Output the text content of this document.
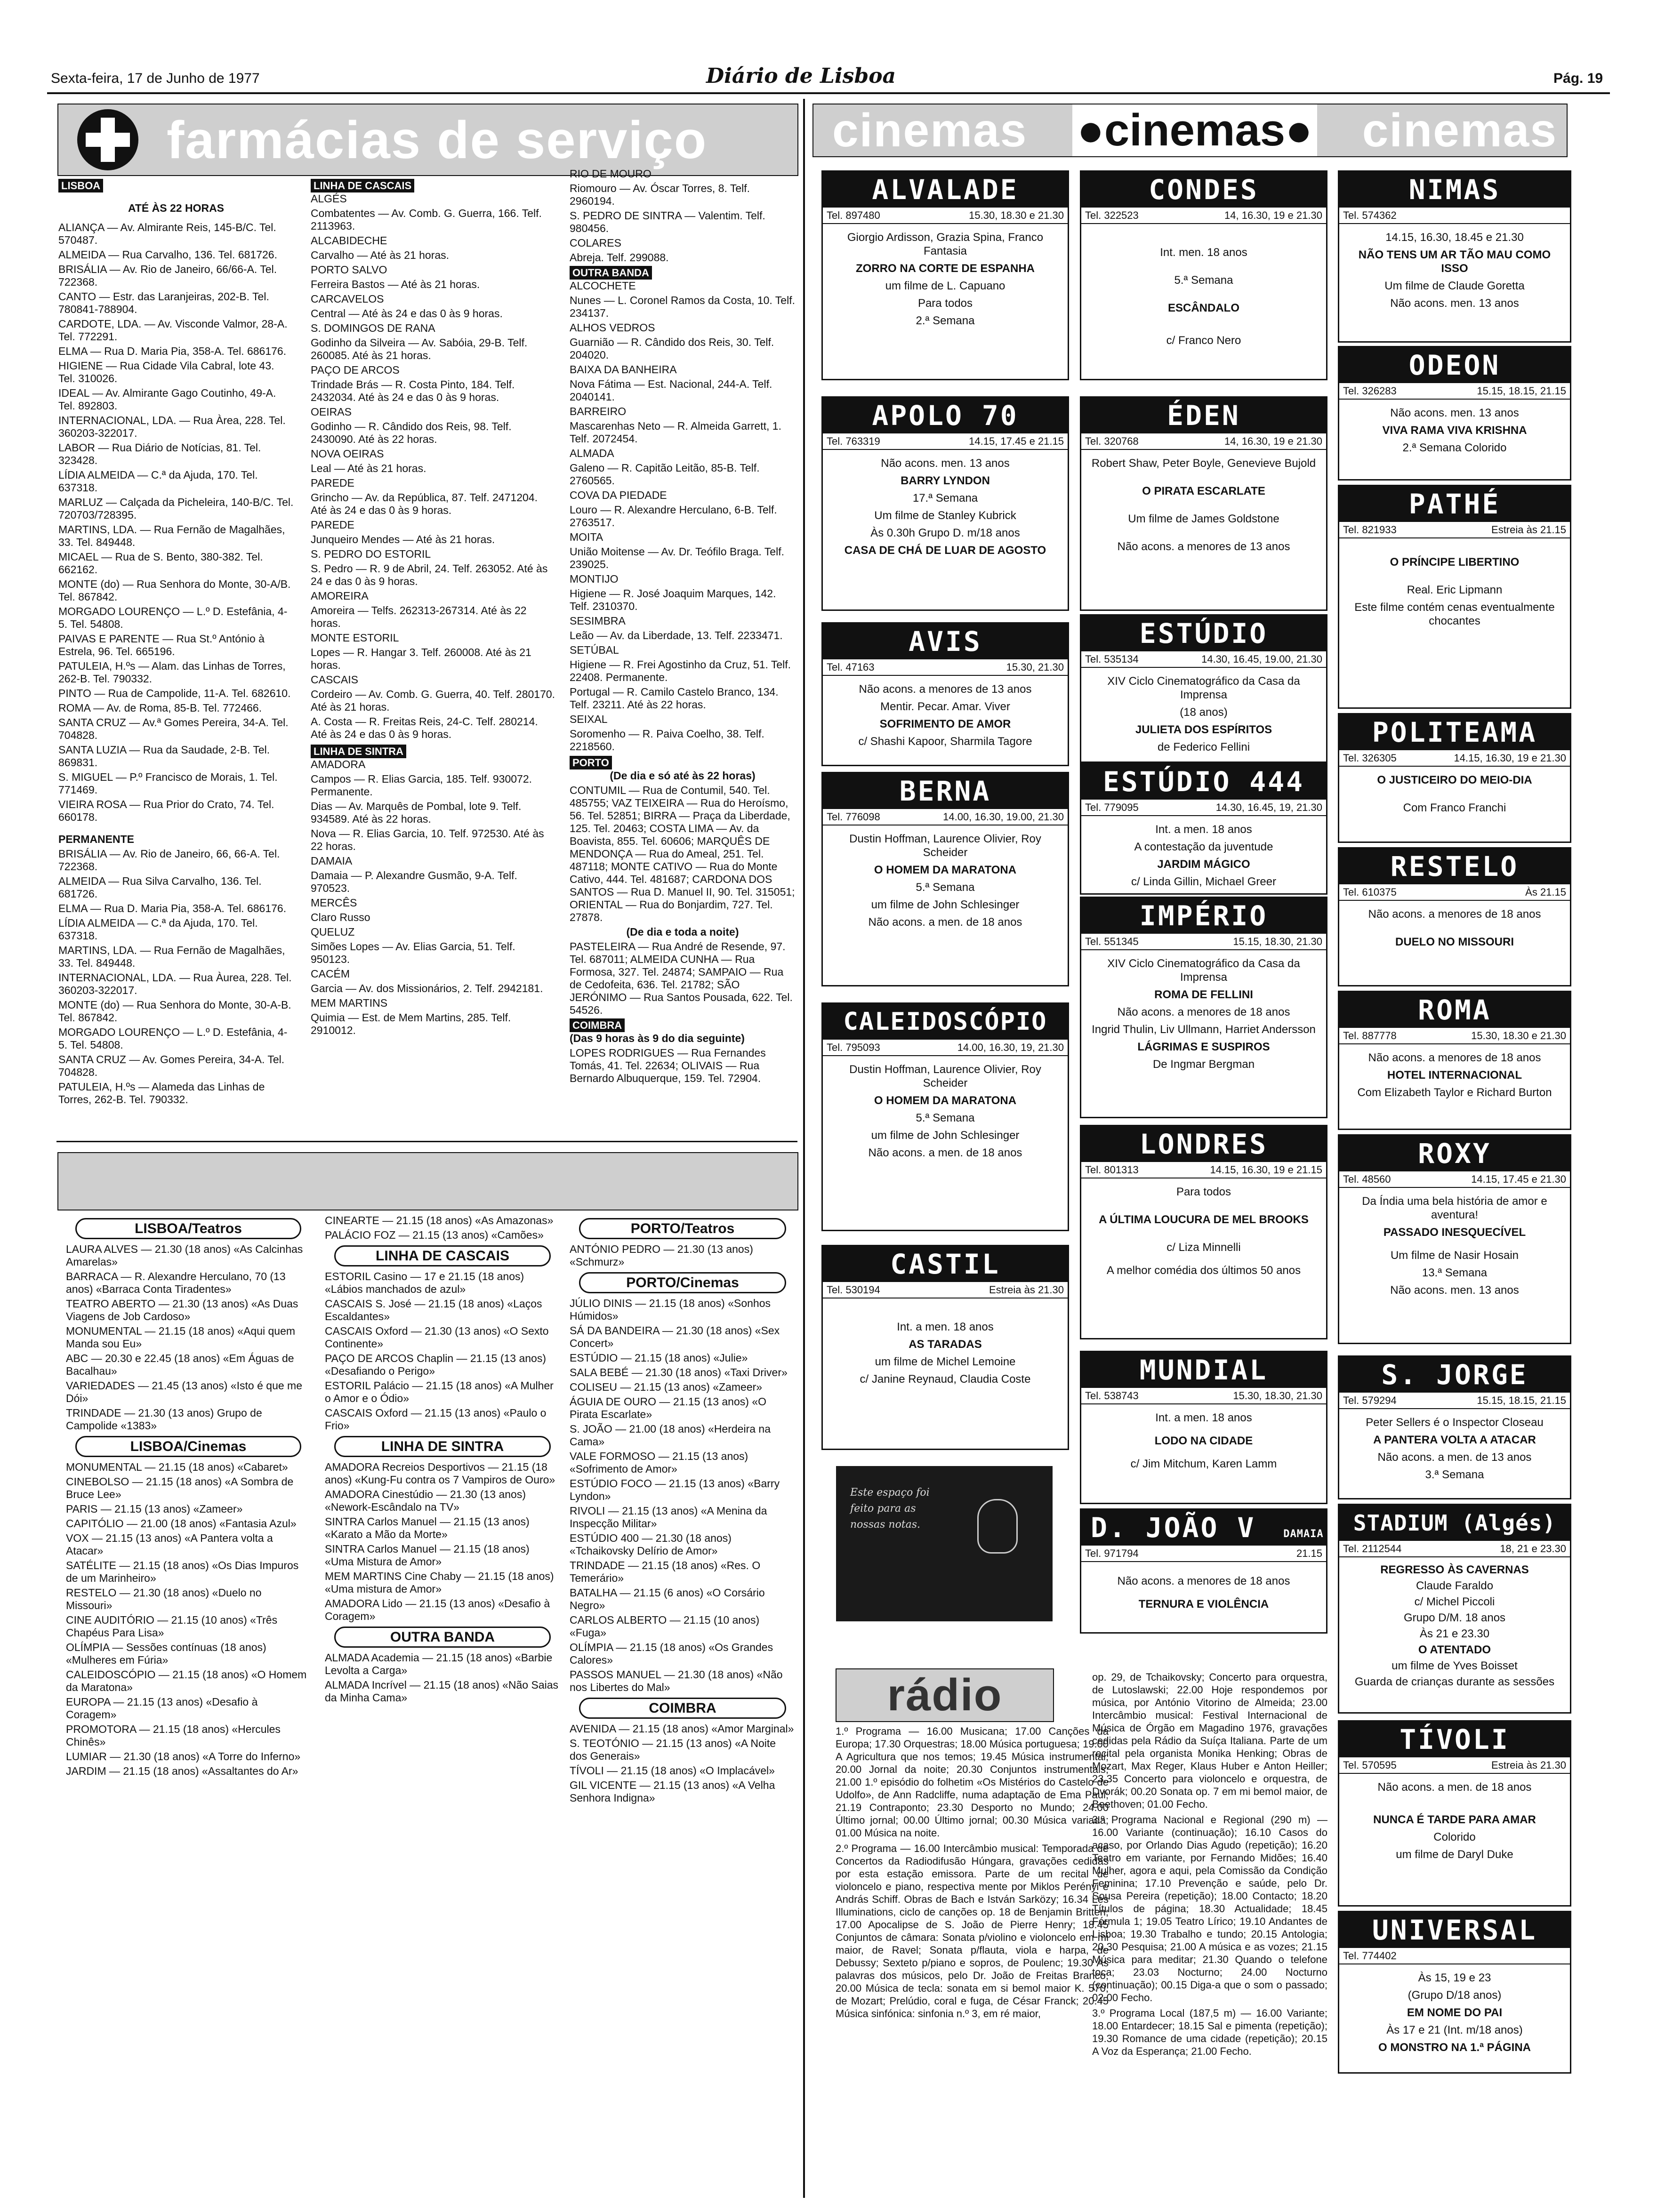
Sexta-feira, 17 de Junho de 1977	Diário de Lisboa	Pág. 19
farmácias de serviço
LISBOA

ATÉ ÀS 22 HORAS

ALIANÇA — Av. Almirante Reis, 145-B/C. Tel. 570487.

ALMEIDA — Rua Carvalho, 136. Tel. 681726.

BRISÁLIA — Av. Rio de Janeiro, 66/66-A. Tel. 722368.

CANTO — Estr. das Laranjeiras, 202-B. Tel. 780841-788904.

CARDOTE, LDA. — Av. Visconde Valmor, 28-A. Tel. 772291.

ELMA — Rua D. Maria Pia, 358-A. Tel. 686176.

HIGIENE — Rua Cidade Vila Cabral, lote 43. Tel. 310026.

IDEAL — Av. Almirante Gago Coutinho, 49-A. Tel. 892803.

INTERNACIONAL, LDA. — Rua Àrea, 228. Tel. 360203-322017.

LABOR — Rua Diário de Notícias, 81. Tel. 323428.

LÍDIA ALMEIDA — C.ª da Ajuda, 170. Tel. 637318.

MARLUZ — Calçada da Picheleira, 140-B/C. Tel. 720703/728395.

MARTINS, LDA. — Rua Fernão de Magalhães, 33. Tel. 849448.

MICAEL — Rua de S. Bento, 380-382. Tel. 662162.

MONTE (do) — Rua Senhora do Monte, 30-A/B. Tel. 867842.

MORGADO LOURENÇO — L.º D. Estefânia, 4-5. Tel. 54808.

PAIVAS E PARENTE — Rua St.º António à Estrela, 96. Tel. 665196.

PATULEIA, H.ºs — Alam. das Linhas de Torres, 262-B. Tel. 790332.

PINTO — Rua de Campolide, 11-A. Tel. 682610.

ROMA — Av. de Roma, 85-B. Tel. 772466.

SANTA CRUZ — Av.ª Gomes Pereira, 34-A. Tel. 704828.

SANTA LUZIA — Rua da Saudade, 2-B. Tel. 869831.

S. MIGUEL — P.º Francisco de Morais, 1. Tel. 771469.

VIEIRA ROSA — Rua Prior do Crato, 74. Tel. 660178.

PERMANENTE

BRISÁLIA — Av. Rio de Janeiro, 66, 66-A. Tel. 722368.

ALMEIDA — Rua Silva Carvalho, 136. Tel. 681726.

ELMA — Rua D. Maria Pia, 358-A. Tel. 686176.

LÍDIA ALMEIDA — C.ª da Ajuda, 170. Tel. 637318.

MARTINS, LDA. — Rua Fernão de Magalhães, 33. Tel. 849448.

INTERNACIONAL, LDA. — Rua Àurea, 228. Tel. 360203-322017.

MONTE (do) — Rua Senhora do Monte, 30-A-B. Tel. 867842.

MORGADO LOURENÇO — L.º D. Estefânia, 4-5. Tel. 54808.

SANTA CRUZ — Av. Gomes Pereira, 34-A. Tel. 704828.

PATULEIA, H.ºs — Alameda das Linhas de Torres, 262-B. Tel. 790332.

LINHA DE CASCAIS

ALGÉS

Combatentes — Av. Comb. G. Guerra, 166. Telf. 2113963.

ALCABIDECHE

Carvalho — Até às 21 horas.

PORTO SALVO

Ferreira Bastos — Até às 21 horas.

CARCAVELOS

Central — Até às 24 e das 0 às 9 horas.

S. DOMINGOS DE RANA

Godinho da Silveira — Av. Sabóia, 29-B. Telf. 260085. Até às 21 horas.

PAÇO DE ARCOS

Trindade Brás — R. Costa Pinto, 184. Telf. 2432034. Até às 24 e das 0 às 9 horas.

OEIRAS

Godinho — R. Cândido dos Reis, 98. Telf. 2430090. Até às 22 horas.

NOVA OEIRAS

Leal — Até às 21 horas.

PAREDE

Grincho — Av. da República, 87. Telf. 2471204. Até às 24 e das 0 às 9 horas.

PAREDE

Junqueiro Mendes — Até às 21 horas.

S. PEDRO DO ESTORIL

S. Pedro — R. 9 de Abril, 24. Telf. 263052. Até às 24 e das 0 às 9 horas.

AMOREIRA

Amoreira — Telfs. 262313-267314. Até às 22 horas.

MONTE ESTORIL

Lopes — R. Hangar 3. Telf. 260008. Até às 21 horas.

CASCAIS

Cordeiro — Av. Comb. G. Guerra, 40. Telf. 280170. Até às 21 horas.

A. Costa — R. Freitas Reis, 24-C. Telf. 280214. Até às 24 e das 0 às 9 horas.

LINHA DE SINTRA

AMADORA

Campos — R. Elias Garcia, 185. Telf. 930072. Permanente.

Dias — Av. Marquês de Pombal, lote 9. Telf. 934589. Até às 22 horas.

Nova — R. Elias Garcia, 10. Telf. 972530. Até às 22 horas.

DAMAIA

Damaia — P. Alexandre Gusmão, 9-A. Telf. 970523.

MERCÊS

Claro Russo

QUELUZ

Simões Lopes — Av. Elias Garcia, 51. Telf. 950123.

CACÉM

Garcia — Av. dos Missionários, 2. Telf. 2942181.

MEM MARTINS

Quimia — Est. de Mem Martins, 285. Telf. 2910012.

RIO DE MOURO

Riomouro — Av. Óscar Torres, 8. Telf. 2960194.

S. PEDRO DE SINTRA — Valentim. Telf. 980456.

COLARES

Abreja. Telf. 299088.

OUTRA BANDA

ALCOCHETE

Nunes — L. Coronel Ramos da Costa, 10. Telf. 234137.

ALHOS VEDROS

Guarnião — R. Cândido dos Reis, 30. Telf. 204020.

BAIXA DA BANHEIRA

Nova Fátima — Est. Nacional, 244-A. Telf. 2040141.

BARREIRO

Mascarenhas Neto — R. Almeida Garrett, 1. Telf. 2072454.

ALMADA

Galeno — R. Capitão Leitão, 85-B. Telf. 2760565.

COVA DA PIEDADE

Louro — R. Alexandre Herculano, 6-B. Telf. 2763517.

MOITA

União Moitense — Av. Dr. Teófilo Braga. Telf. 239025.

MONTIJO

Higiene — R. José Joaquim Marques, 142. Telf. 2310370.

SESIMBRA

Leão — Av. da Liberdade, 13. Telf. 2233471.

SETÚBAL

Higiene — R. Frei Agostinho da Cruz, 51. Telf. 22408. Permanente.

Portugal — R. Camilo Castelo Branco, 134. Telf. 23211. Até às 22 horas.

SEIXAL

Soromenho — R. Paiva Coelho, 38. Telf. 2218560.

PORTO

(De dia e só até às 22 horas)

CONTUMIL — Rua de Contumil, 540. Tel. 485755; VAZ TEIXEIRA — Rua do Heroísmo, 56. Tel. 52851; BIRRA — Praça da Liberdade, 125. Tel. 20463; COSTA LIMA — Av. da Boavista, 855. Tel. 60606; MARQUÊS DE MENDONÇA — Rua do Ameal, 251. Tel. 487118; MONTE CATIVO — Rua do Monte Cativo, 444. Tel. 481687; CARDONA DOS SANTOS — Rua D. Manuel II, 90. Tel. 315051; ORIENTAL — Rua do Bonjardim, 727. Tel. 27878.

(De dia e toda a noite)

PASTELEIRA — Rua André de Resende, 97. Tel. 687011; ALMEIDA CUNHA — Rua Formosa, 327. Tel. 24874; SAMPAIO — Rua de Cedofeita, 636. Tel. 21782; SÃO JERÓNIMO — Rua Santos Pousada, 622. Tel. 54526.

COIMBRA

(Das 9 horas às 9 do dia seguinte)

LOPES RODRIGUES — Rua Fernandes Tomás, 41. Tel. 22634; OLIVAIS — Rua Bernardo Albuquerque, 159. Tel. 72904.

LISBOA/Teatros

LAURA ALVES — 21.30 (18 anos) «As Calcinhas Amarelas»

BARRACA — R. Alexandre Herculano, 70 (13 anos) «Barraca Conta Tiradentes»

TEATRO ABERTO — 21.30 (13 anos) «As Duas Viagens de Job Cardoso»

MONUMENTAL — 21.15 (18 anos) «Aqui quem Manda sou Eu»

ABC — 20.30 e 22.45 (18 anos) «Em Águas de Bacalhau»

VARIEDADES — 21.45 (13 anos) «Isto é que me Dói»

TRINDADE — 21.30 (13 anos) Grupo de Campolide «1383»

LISBOA/Cinemas

MONUMENTAL — 21.15 (18 anos) «Cabaret»

CINEBOLSO — 21.15 (18 anos) «A Sombra de Bruce Lee»

PARIS — 21.15 (13 anos) «Zameer»

CAPITÓLIO — 21.00 (18 anos) «Fantasia Azul»

VOX — 21.15 (13 anos) «A Pantera volta a Atacar»

SATÉLITE — 21.15 (18 anos) «Os Dias Impuros de um Marinheiro»

RESTELO — 21.30 (18 anos) «Duelo no Missouri»

CINE AUDITÓRIO — 21.15 (10 anos) «Três Chapéus Para Lisa»

OLÍMPIA — Sessões contínuas (18 anos) «Mulheres em Fúria»

CALEIDOSCÓPIO — 21.15 (18 anos) «O Homem da Maratona»

EUROPA — 21.15 (13 anos) «Desafio à Coragem»

PROMOTORA — 21.15 (18 anos) «Hercules Chinês»

LUMIAR — 21.30 (18 anos) «A Torre do Inferno»

JARDIM — 21.15 (18 anos) «Assaltantes do Ar»

CINEARTE — 21.15 (18 anos) «As Amazonas»

PALÁCIO FOZ — 21.15 (13 anos) «Camões»

LINHA DE CASCAIS

ESTORIL Casino — 17 e 21.15 (18 anos) «Lábios manchados de azul»

CASCAIS S. José — 21.15 (18 anos) «Laços Escaldantes»

CASCAIS Oxford — 21.30 (13 anos) «O Sexto Continente»

PAÇO DE ARCOS Chaplin — 21.15 (13 anos) «Desafiando o Perigo»

ESTORIL Palácio — 21.15 (18 anos) «A Mulher o Amor e o Ódio»

CASCAIS Oxford — 21.15 (13 anos) «Paulo o Frio»

LINHA DE SINTRA

AMADORA Recreios Desportivos — 21.15 (18 anos) «Kung-Fu contra os 7 Vampiros de Ouro»

AMADORA Cinestúdio — 21.30 (13 anos) «Nework-Escândalo na TV»

SINTRA Carlos Manuel — 21.15 (13 anos) «Karato a Mão da Morte»

SINTRA Carlos Manuel — 21.15 (18 anos) «Uma Mistura de Amor»

MEM MARTINS Cine Chaby — 21.15 (18 anos) «Uma mistura de Amor»

AMADORA Lido — 21.15 (13 anos) «Desafio à Coragem»

OUTRA BANDA

ALMADA Academia — 21.15 (18 anos) «Barbie Levolta a Carga»

ALMADA Incrível — 21.15 (18 anos) «Não Saias da Minha Cama»

PORTO/Teatros

ANTÓNIO PEDRO — 21.30 (13 anos) «Schmurz»

PORTO/Cinemas

JÚLIO DINIS — 21.15 (18 anos) «Sonhos Húmidos»

SÁ DA BANDEIRA — 21.30 (18 anos) «Sex Concert»

ESTÚDIO — 21.15 (18 anos) «Julie»

SALA BEBÉ — 21.30 (18 anos) «Taxi Driver»

COLISEU — 21.15 (13 anos) «Zameer»

ÁGUIA DE OURO — 21.15 (13 anos) «O Pirata Escarlate»

S. JOÃO — 21.00 (18 anos) «Herdeira na Cama»

VALE FORMOSO — 21.15 (13 anos) «Sofrimento de Amor»

ESTÚDIO FOCO — 21.15 (13 anos) «Barry Lyndon»

RIVOLI — 21.15 (13 anos) «A Menina da Inspecção Militar»

ESTÚDIO 400 — 21.30 (18 anos) «Tchaikovsky Delírio de Amor»

TRINDADE — 21.15 (18 anos) «Res. O Temerário»

BATALHA — 21.15 (6 anos) «O Corsário Negro»

CARLOS ALBERTO — 21.15 (10 anos) «Fuga»

OLÍMPIA — 21.15 (18 anos) «Os Grandes Calores»

PASSOS MANUEL — 21.30 (18 anos) «Não nos Libertes do Mal»

COIMBRA

AVENIDA — 21.15 (18 anos) «Amor Marginal»

S. TEOTÓNIO — 21.15 (13 anos) «A Noite dos Generais»

TÍVOLI — 21.15 (18 anos) «O Implacável»

GIL VICENTE — 21.15 (13 anos) «A Velha Senhora Indigna»

cinemas ●cinemas● cinemas
ALVALADE
Tel. 897480	15.30, 18.30 e 21.30

Giorgio Ardisson, Grazia Spina, Franco Fantasia

ZORRO NA CORTE DE ESPANHA

um filme de L. Capuano

Para todos

2.ª Semana

APOLO 70
Tel. 763319	14.15, 17.45 e 21.15

Não acons. men. 13 anos

BARRY LYNDON

17.ª Semana

Um filme de Stanley Kubrick

Às 0.30h Grupo D. m/18 anos

CASA DE CHÁ DE LUAR DE AGOSTO

AVIS
Tel. 47163	15.30, 21.30

Não acons. a menores de 13 anos

Mentir. Pecar. Amar. Viver

SOFRIMENTO DE AMOR

c/ Shashi Kapoor, Sharmila Tagore

BERNA
Tel. 776098	14.00, 16.30, 19.00, 21.30

Dustin Hoffman, Laurence Olivier, Roy Scheider

O HOMEM DA MARATONA

5.ª Semana

um filme de John Schlesinger

Não acons. a men. de 18 anos

CALEIDOSCÓPIO
Tel. 795093	14.00, 16.30, 19, 21.30

Dustin Hoffman, Laurence Olivier, Roy Scheider

O HOMEM DA MARATONA

5.ª Semana

um filme de John Schlesinger

Não acons. a men. de 18 anos

CASTIL
Tel. 530194	Estreia às 21.30

Int. a men. 18 anos

AS TARADAS

um filme de Michel Lemoine

c/ Janine Reynaud, Claudia Coste

Este espaço foi feito para as nossas notas.
CONDES
Tel. 322523	14, 16.30, 19 e 21.30

Int. men. 18 anos

5.ª Semana

ESCÂNDALO

c/ Franco Nero

ÉDEN
Tel. 320768	14, 16.30, 19 e 21.30

Robert Shaw, Peter Boyle, Genevieve Bujold

O PIRATA ESCARLATE

Um filme de James Goldstone

Não acons. a menores de 13 anos

ESTÚDIO
Tel. 535134	14.30, 16.45, 19.00, 21.30

XIV Ciclo Cinematográfico da Casa da Imprensa

(18 anos)

JULIETA DOS ESPÍRITOS

de Federico Fellini

ESTÚDIO 444
Tel. 779095	14.30, 16.45, 19, 21.30

Int. a men. 18 anos

A contestação da juventude

JARDIM MÁGICO

c/ Linda Gillin, Michael Greer

IMPÉRIO
Tel. 551345	15.15, 18.30, 21.30

XIV Ciclo Cinematográfico da Casa da Imprensa

ROMA DE FELLINI

Não acons. a menores de 18 anos

Ingrid Thulin, Liv Ullmann, Harriet Andersson

LÁGRIMAS E SUSPIROS

De Ingmar Bergman

LONDRES
Tel. 801313	14.15, 16.30, 19 e 21.15

Para todos

A ÚLTIMA LOUCURA DE MEL BROOKS

c/ Liza Minnelli

A melhor comédia dos últimos 50 anos

MUNDIAL
Tel. 538743	15.30, 18.30, 21.30

Int. a men. 18 anos

LODO NA CIDADE

c/ Jim Mitchum, Karen Lamm

D. JOÃO V	DAMAIA
Tel. 971794	21.15

Não acons. a menores de 18 anos

TERNURA E VIOLÊNCIA

NIMAS
Tel. 574362

14.15, 16.30, 18.45 e 21.30

NÃO TENS UM AR TÃO MAU COMO ISSO

Um filme de Claude Goretta

Não acons. men. 13 anos

ODEON
Tel. 326283	15.15, 18.15, 21.15

Não acons. men. 13 anos

VIVA RAMA VIVA KRISHNA

2.ª Semana Colorido

PATHÉ
Tel. 821933	Estreia às 21.15

O PRÍNCIPE LIBERTINO

Real. Eric Lipmann

Este filme contém cenas eventualmente chocantes

POLITEAMA
Tel. 326305	14.15, 16.30, 19 e 21.30

O JUSTICEIRO DO MEIO-DIA

Com Franco Franchi

RESTELO
Tel. 610375	Às 21.15

Não acons. a menores de 18 anos

DUELO NO MISSOURI

ROMA
Tel. 887778	15.30, 18.30 e 21.30

Não acons. a menores de 18 anos

HOTEL INTERNACIONAL

Com Elizabeth Taylor e Richard Burton

ROXY
Tel. 48560	14.15, 17.45 e 21.30

Da Índia uma bela história de amor e aventura!

PASSADO INESQUECÍVEL

Um filme de Nasir Hosain

13.ª Semana

Não acons. men. 13 anos

S. JORGE
Tel. 579294	15.15, 18.15, 21.15

Peter Sellers é o Inspector Closeau

A PANTERA VOLTA A ATACAR

Não acons. a men. de 13 anos

3.ª Semana

STADIUM (Algés)
Tel. 2112544	18, 21 e 23.30

REGRESSO ÀS CAVERNAS

Claude Faraldo

c/ Michel Piccoli

Grupo D/M. 18 anos

Às 21 e 23.30

O ATENTADO

um filme de Yves Boisset

Guarda de crianças durante as sessões

TÍVOLI
Tel. 570595	Estreia às 21.30

Não acons. a men. de 18 anos

NUNCA É TARDE PARA AMAR

Colorido

um filme de Daryl Duke

UNIVERSAL
Tel. 774402

Às 15, 19 e 23

(Grupo D/18 anos)

EM NOME DO PAI

Às 17 e 21 (Int. m/18 anos)

O MONSTRO NA 1.ª PÁGINA

rádio

1.º Programa — 16.00 Musicana; 17.00 Canções da Europa; 17.30 Orquestras; 18.00 Música portuguesa; 19.00 A Agricultura que nos temos; 19.45 Música instrumental; 20.00 Jornal da noite; 20.30 Conjuntos instrumentais; 21.00 1.º episódio do folhetim «Os Mistérios do Castelo de Udolfo», de Ann Radcliffe, numa adaptação de Ema Paul; 21.19 Contraponto; 23.30 Desporto no Mundo; 24.00 Último jornal; 00.00 Último jornal; 00.30 Música variada; 01.00 Música na noite.

2.º Programa — 16.00 Intercâmbio musical: Temporada de Concertos da Radiodifusão Húngara, gravações cedidas por esta estação emissora. Parte de um recital de violoncelo e piano, respectiva mente por Miklos Perényi e András Schiff. Obras de Bach e István Sarközy; 16.34 Les Illuminations, ciclo de canções op. 18 de Benjamin Britten; 17.00 Apocalipse de S. João de Pierre Henry; 18.45 Conjuntos de câmara: Sonata p/violino e violoncelo em mi maior, de Ravel; Sonata p/flauta, viola e harpa, de Debussy; Sexteto p/piano e sopros, de Poulenc; 19.30 As palavras dos músicos, pelo Dr. João de Freitas Branco; 20.00 Música de tecla: sonata em si bemol maior K. 570, de Mozart; Prelúdio, coral e fuga, de César Franck; 20.45 Música sinfónica: sinfonia n.º 3, em ré maior,

op. 29, de Tchaikovsky; Concerto para orquestra, de Lutoslawski; 22.00 Hoje respondemos por música, por António Vitorino de Almeida; 23.00 Intercâmbio musical: Festival Internacional de Música de Órgão em Magadino 1976, gravações cedidas pela Rádio da Suíça Italiana. Parte de um recital pela organista Monika Henking; Obras de Mozart, Max Reger, Klaus Huber e Anton Heiller; 23.35 Concerto para violoncelo e orquestra, de Dvorák; 00.20 Sonata op. 7 em mi bemol maior, de Beethoven; 01.00 Fecho.

3.º Programa Nacional e Regional (290 m) — 16.00 Variante (continuação); 16.10 Casos do acaso, por Orlando Dias Agudo (repetição); 16.20 Teatro em variante, por Fernando Midões; 16.40 Mulher, agora e aqui, pela Comissão da Condição Feminina; 17.10 Prevenção e saúde, pelo Dr. Sousa Pereira (repetição); 18.00 Contacto; 18.20 Títulos de página; 18.30 Actualidade; 18.45 Fórmula 1; 19.05 Teatro Lírico; 19.10 Andantes de Lisboa; 19.30 Trabalho e tundo; 20.15 Antologia; 20.30 Pesquisa; 21.00 A música e as vozes; 21.15 Música para meditar; 21.30 Quando o telefone toca; 23.03 Nocturno; 24.00 Nocturno (continuação); 00.15 Diga-a que o som o passado; 02.00 Fecho.

3.º Programa Local (187,5 m) — 16.00 Variante; 18.00 Entardecer; 18.15 Sal e pimenta (repetição); 19.30 Romance de uma cidade (repetição); 20.15 A Voz da Esperança; 21.00 Fecho.
